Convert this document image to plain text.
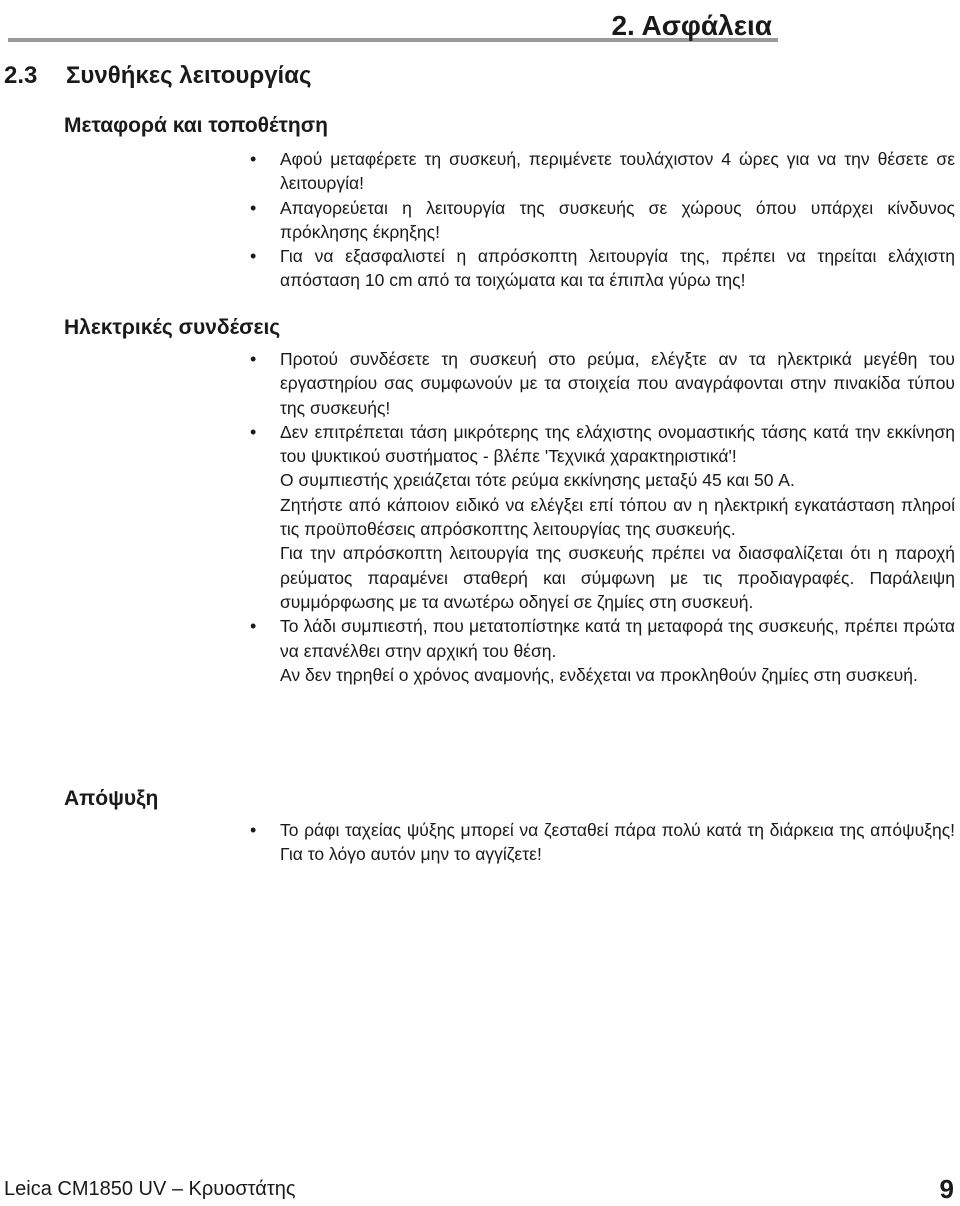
2. Ασφάλεια
2.3 Συνθήκες λειτουργίας
Μεταφορά και τοποθέτηση
•	Αφού μεταφέρετε τη συσκευή, περιμένετε τουλάχιστον 4 ώρες για να την θέσετε σε λειτουργία!
•	Απαγορεύεται η λειτουργία της συσκευής σε χώρους όπου υπάρχει κίνδυνος πρόκλησης έκρηξης!
•	Για να εξασφαλιστεί η απρόσκοπτη λειτουργία της, πρέπει να τηρείται ελάχιστη απόσταση 10 cm από τα τοιχώματα και τα έπιπλα γύρω της!
Ηλεκτρικές συνδέσεις
•	Προτού συνδέσετε τη συσκευή στο ρεύμα, ελέγξτε αν τα ηλεκτρικά μεγέθη του εργαστηρίου σας συμφωνούν με τα στοιχεία που αναγράφονται στην πινακίδα τύπου της συσκευής!
•	Δεν επιτρέπεται τάση μικρότερης της ελάχιστης ονομαστικής τάσης κατά την εκκίνηση του ψυκτικού συστήματος - βλέπε 'Τεχνικά χαρακτηριστικά'!
Ο συμπιεστής χρειάζεται τότε ρεύμα εκκίνησης μεταξύ 45 και 50 A.
Ζητήστε από κάποιον ειδικό να ελέγξει επί τόπου αν η ηλεκτρική εγκατάσταση πληροί τις προϋποθέσεις απρόσκοπτης λειτουργίας της συσκευής.
Για την απρόσκοπτη λειτουργία της συσκευής πρέπει να διασφαλίζεται ότι η παροχή ρεύματος παραμένει σταθερή και σύμφωνη με τις προδιαγραφές. Παράλειψη συμμόρφωσης με τα ανωτέρω οδηγεί σε ζημίες στη συσκευή.
•	Το λάδι συμπιεστή, που μετατοπίστηκε κατά τη μεταφορά της συσκευής, πρέπει πρώτα να επανέλθει στην αρχική του θέση.
Αν δεν τηρηθεί ο χρόνος αναμονής, ενδέχεται να προκληθούν ζημίες στη συσκευή.
Απόψυξη
•	Το ράφι ταχείας ψύξης μπορεί να ζεσταθεί πάρα πολύ κατά τη διάρκεια της απόψυξης! Για το λόγο αυτόν μην το αγγίζετε!
Leica CM1850 UV – Κρυοστάτης	9
